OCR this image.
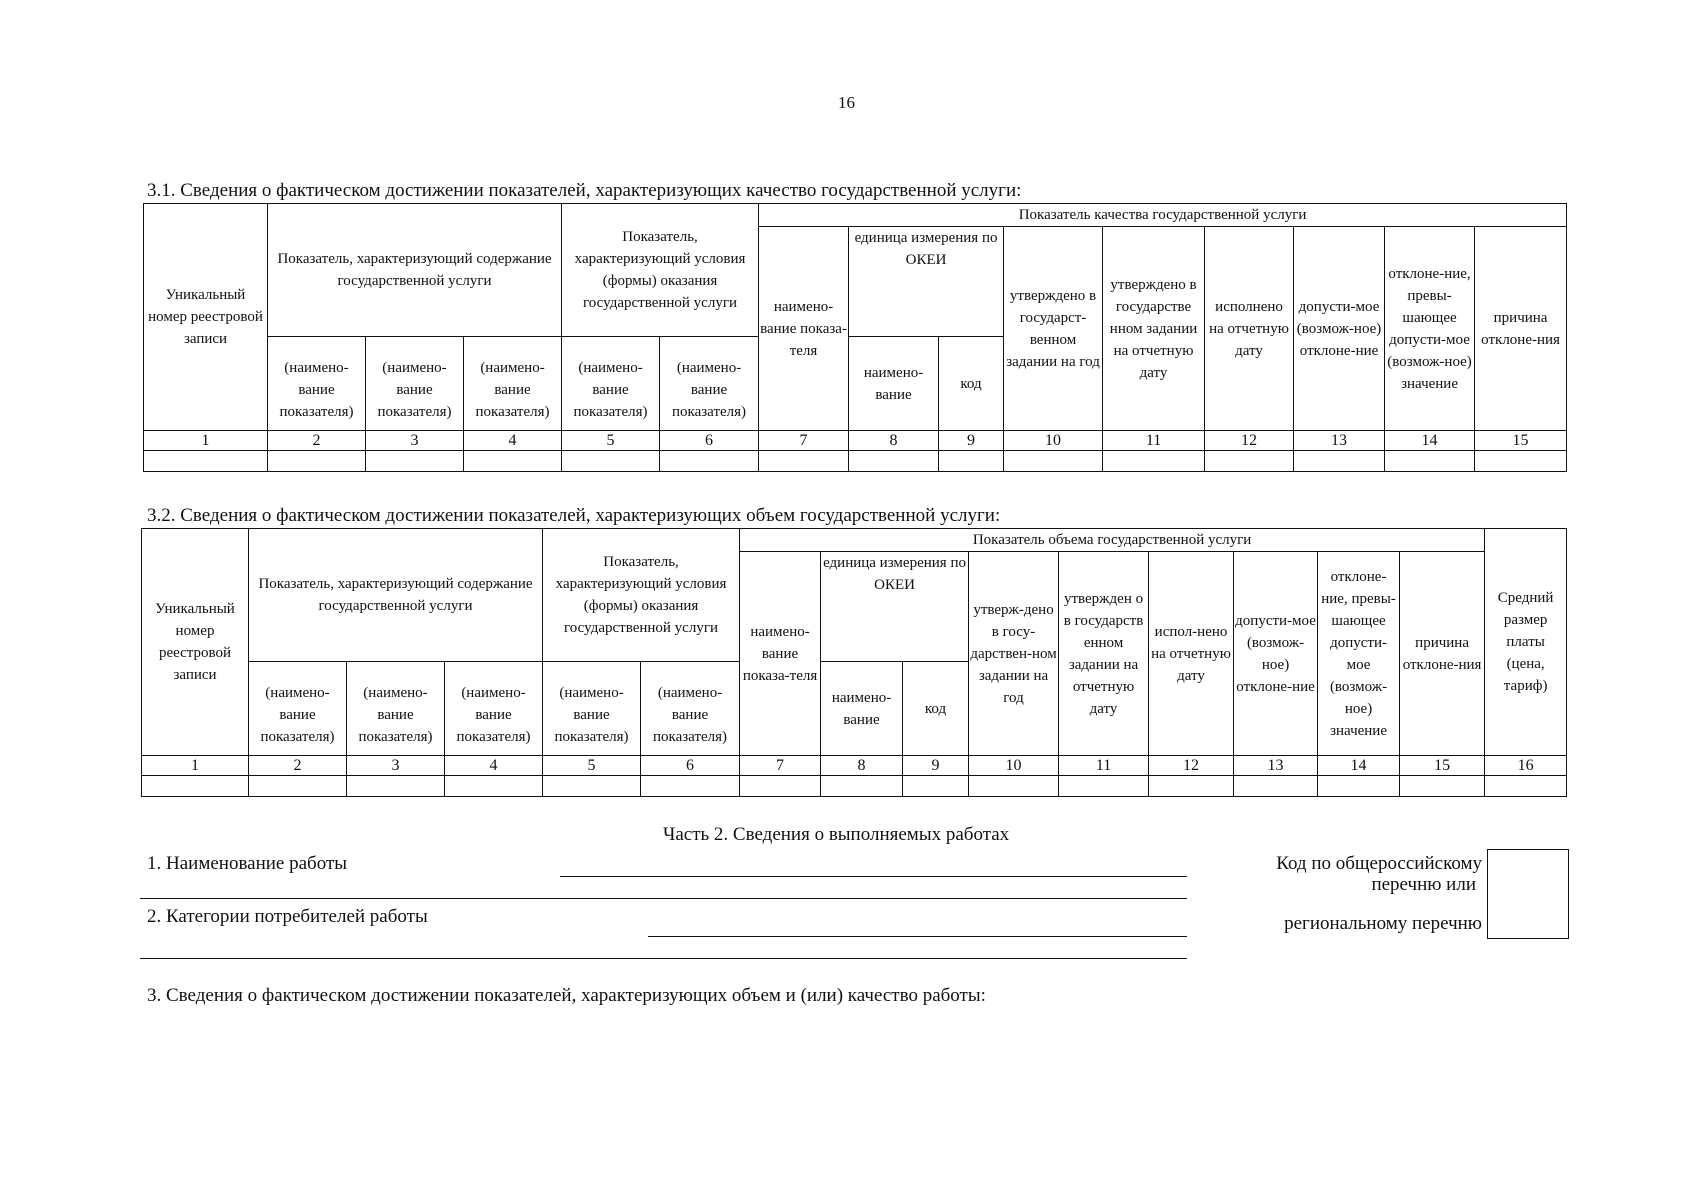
16
3.1. Сведения о фактическом достижении показателей, характеризующих качество государственной услуги:
Уникальный номер реестровой записи	Показатель, характеризующий содержание государственной услуги			Показатель, характеризующий условия (формы) оказания государственной услуги		Показатель качества государственной услуги								
						наимено-вание показа-теля	единица измерения по ОКЕИ		утверждено в государст-венном задании на год	утверждено в государстве нном задании на отчетную дату	исполнено на отчетную дату	допусти-мое (возмож-ное) отклоне-ние	отклоне-ние, превы-шающее допусти-мое (возмож-ное) значение	причина отклоне-ния
	(наимено-вание показателя)	(наимено-вание показателя)	(наимено-вание показателя)	(наимено-вание показателя)	(наимено-вание показателя)		наимено-вание	код						
1	2	3	4	5	6	7	8	9	10	11	12	13	14	15

3.2. Сведения о фактическом достижении показателей, характеризующих объем государственной услуги:
Уникальный номер реестровой записи	Показатель, характеризующий содержание государственной услуги			Показатель, характеризующий условия (формы) оказания государственной услуги		Показатель объема государственной услуги									Средний размер платы (цена, тариф)
						наимено-вание показа-теля	единица измерения по ОКЕИ		утверж-дено в госу-дарствен-ном задании на год	утвержден о в государств енном задании на отчетную дату	испол-нено на отчетную дату	допусти-мое (возмож-ное) отклоне-ние	отклоне-ние, превы-шающее допусти-мое (возмож-ное) значение	причина отклоне-ния	
	(наимено-вание показателя)	(наимено-вание показателя)	(наимено-вание показателя)	(наимено-вание показателя)	(наимено-вание показателя)		наимено-вание	код							
1	2	3	4	5	6	7	8	9	10	11	12	13	14	15	16

Часть 2. Сведения о выполняемых работах
1. Наименование работы
2. Категории потребителей работы
Код по общероссийскому
перечню или
региональному перечню
3. Сведения о фактическом достижении показателей, характеризующих объем и (или) качество работы:
